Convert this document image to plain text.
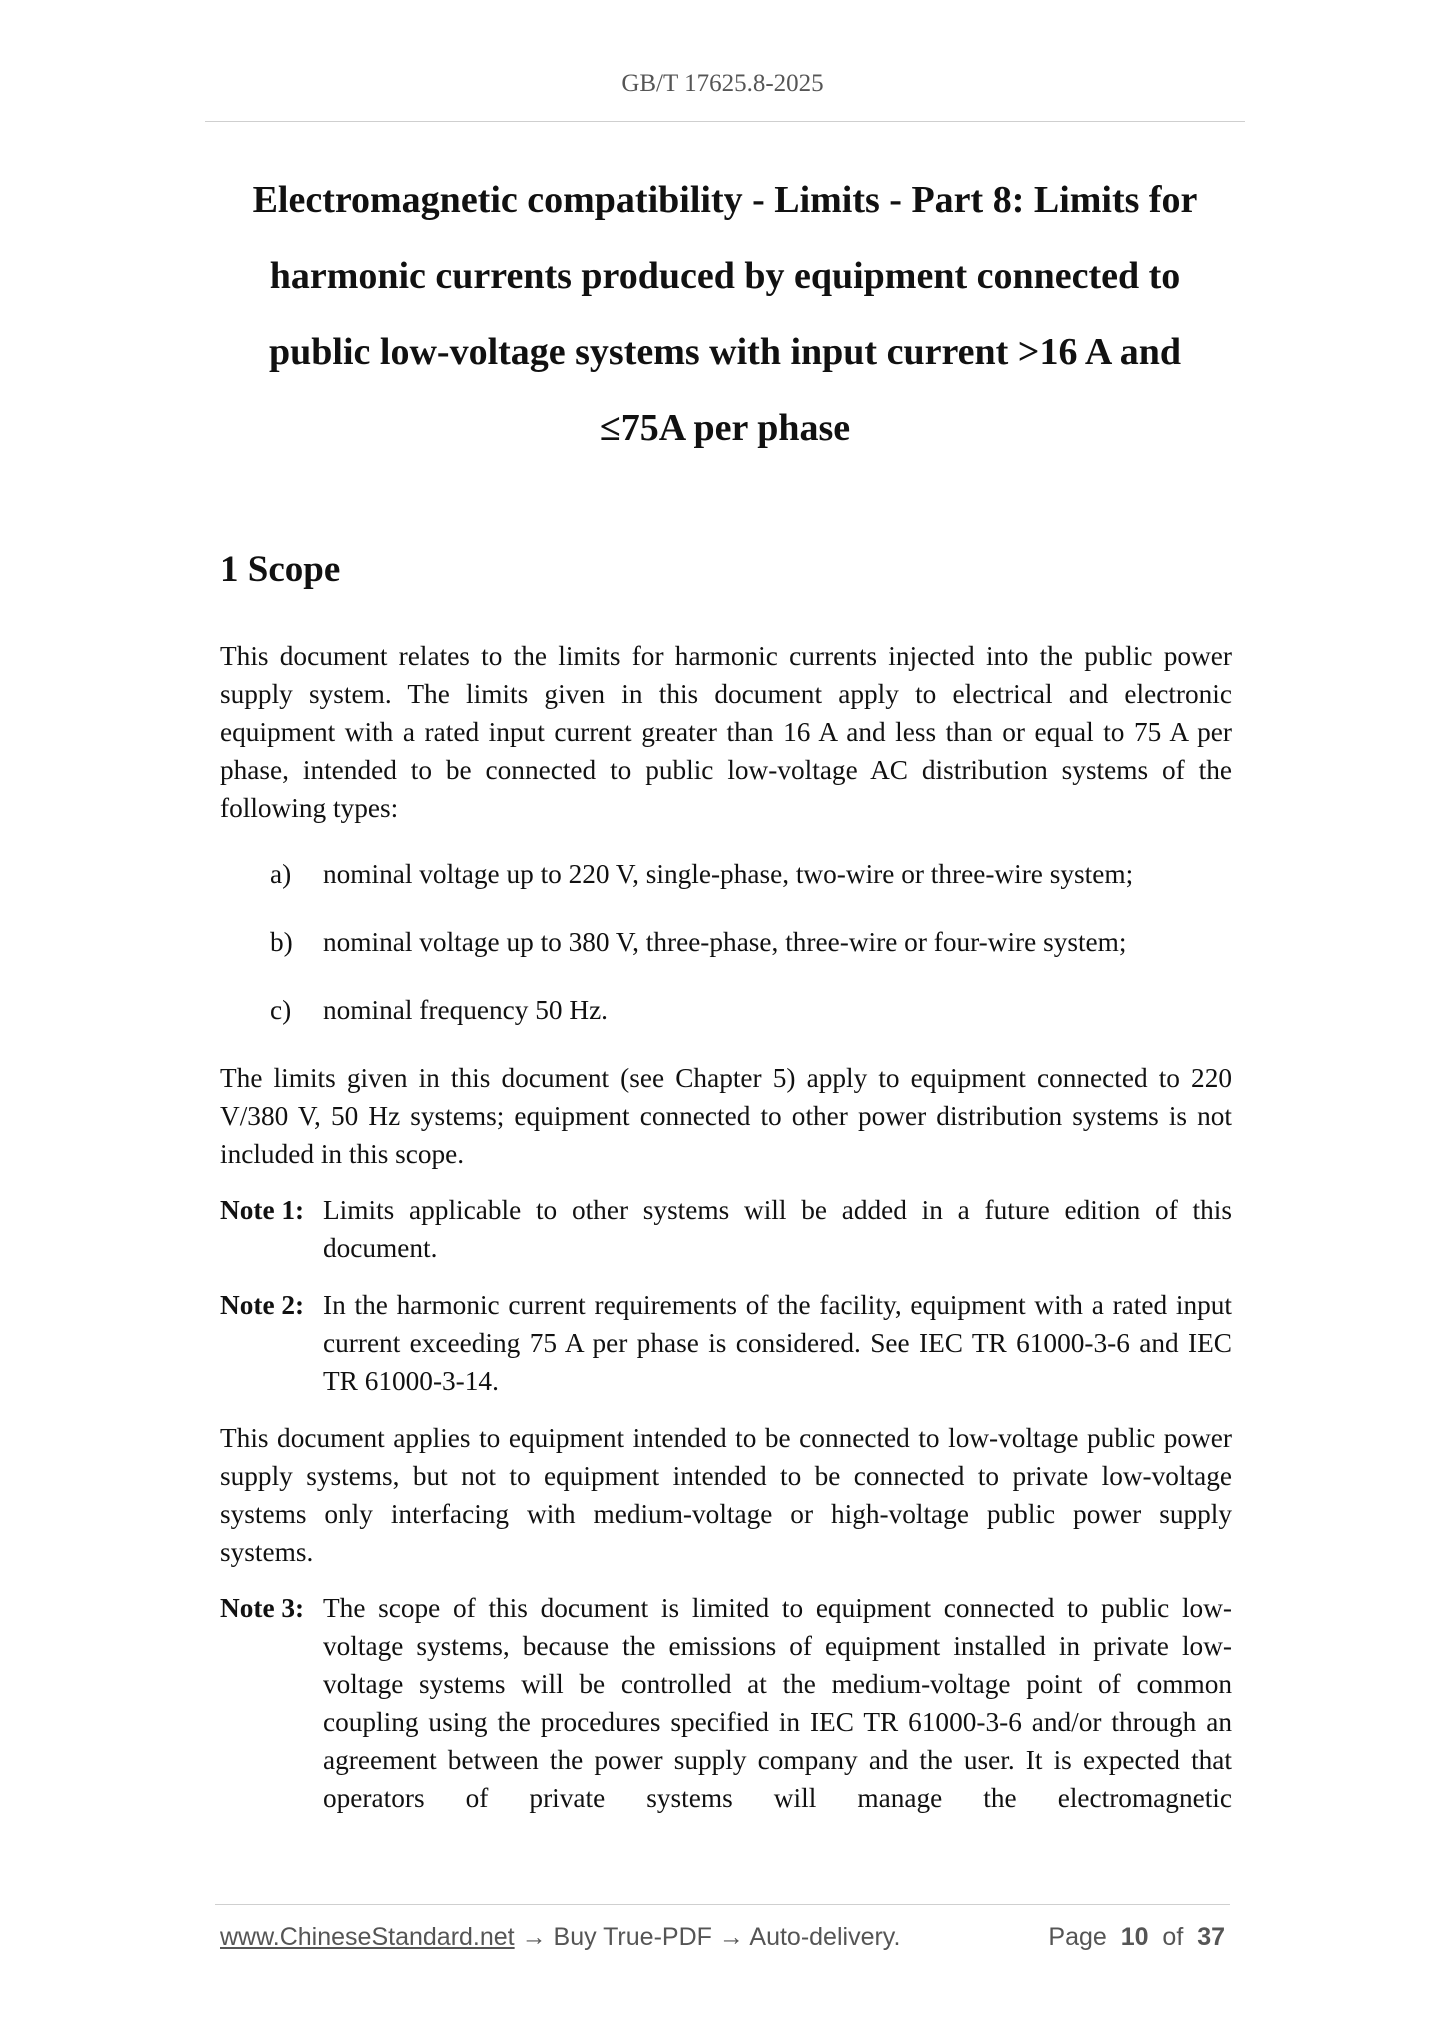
GB/T 17625.8-2025
Electromagnetic compatibility - Limits - Part 8: Limits for
harmonic currents produced by equipment connected to
public low-voltage systems with input current >16 A and
≤75A per phase
1 Scope

This document relates to the limits for harmonic currents injected into the public power supply system. The limits given in this document apply to electrical and electronic equipment with a rated input current greater than 16 A and less than or equal to 75 A per phase, intended to be connected to public low-voltage AC distribution systems of the following types:

a)	nominal voltage up to 220 V, single-phase, two-wire or three-wire system;
b)	nominal voltage up to 380 V, three-phase, three-wire or four-wire system;
c)	nominal frequency 50 Hz.

The limits given in this document (see Chapter 5) apply to equipment connected to 220 V/380 V, 50 Hz systems; equipment connected to other power distribution systems is not included in this scope.

Note 1: Limits applicable to other systems will be added in a future edition of this document.
Note 2: In the harmonic current requirements of the facility, equipment with a rated input current exceeding 75 A per phase is considered. See IEC TR 61000-3-6 and IEC TR 61000-3-14.

This document applies to equipment intended to be connected to low-voltage public power supply systems, but not to equipment intended to be connected to private low-voltage systems only interfacing with medium-voltage or high-voltage public power supply systems.

Note 3: The scope of this document is limited to equipment connected to public low-voltage systems, because the emissions of equipment installed in private low-voltage systems will be controlled at the medium-voltage point of common coupling using the procedures specified in IEC TR 61000-3-6 and/or through an agreement between the power supply company and the user. It is expected that operators of private systems will manage the electromagnetic
www.ChineseStandard.net → Buy True-PDF → Auto-delivery.	Page 10 of 37
